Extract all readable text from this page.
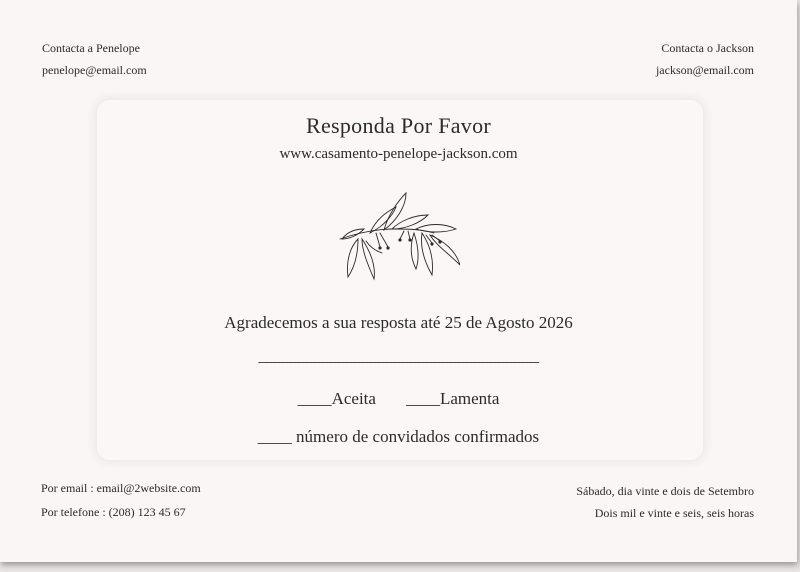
Contacta a Penelope
penelope@email.com
Contacta o Jackson
jackson@email.com
Responda Por Favor
www.casamento-penelope-jackson.com
Agradecemos a sua resposta até 25 de Agosto 2026
___________________________________
____Aceita ____Lamenta
____ número de convidados confirmados
Por email : email@2website.com
Por telefone : (208) 123 45 67
Sábado, dia vinte e dois de Setembro
Dois mil e vinte e seis, seis horas
